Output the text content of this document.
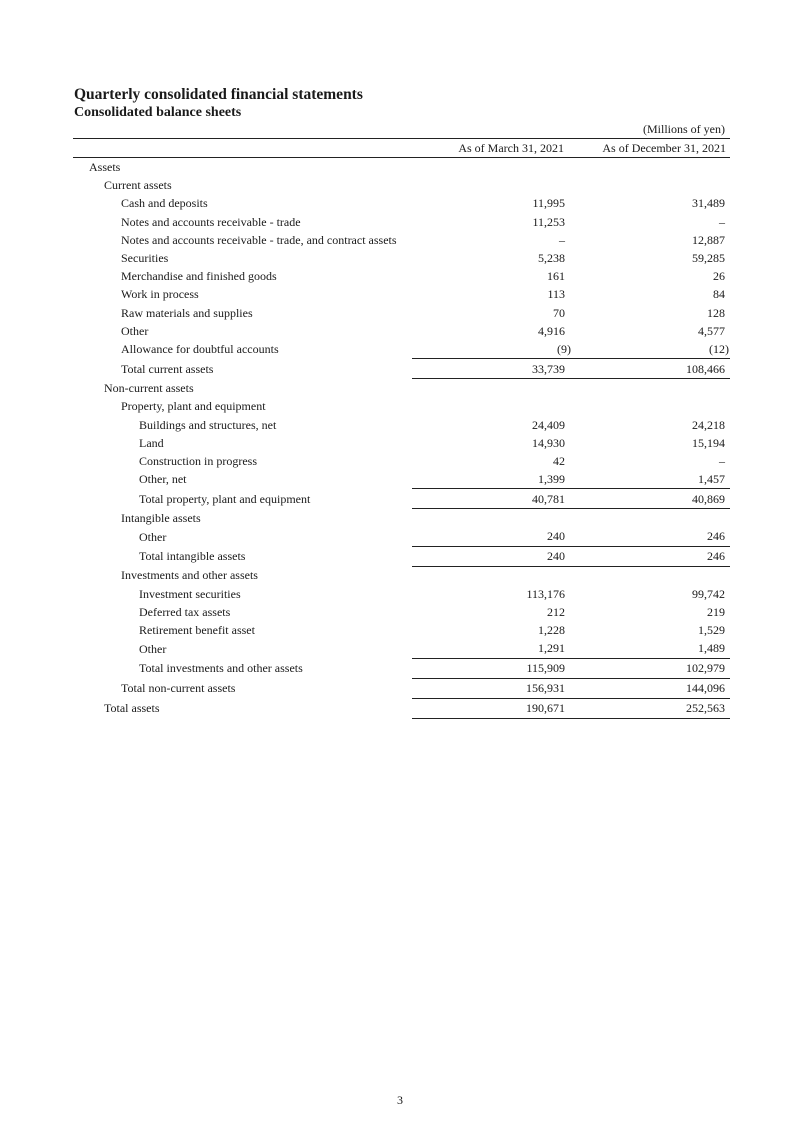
Quarterly consolidated financial statements
Consolidated balance sheets
(Millions of yen)
	As of March 31, 2021	As of December 31, 2021
Assets		
Current assets		
Cash and deposits	11,995	31,489
Notes and accounts receivable - trade	11,253	–
Notes and accounts receivable - trade, and contract assets	–	12,887
Securities	5,238	59,285
Merchandise and finished goods	161	26
Work in process	113	84
Raw materials and supplies	70	128
Other	4,916	4,577
Allowance for doubtful accounts	(9)	(12)
Total current assets	33,739	108,466
Non-current assets		
Property, plant and equipment		
Buildings and structures, net	24,409	24,218
Land	14,930	15,194
Construction in progress	42	–
Other, net	1,399	1,457
Total property, plant and equipment	40,781	40,869
Intangible assets		
Other	240	246
Total intangible assets	240	246
Investments and other assets		
Investment securities	113,176	99,742
Deferred tax assets	212	219
Retirement benefit asset	1,228	1,529
Other	1,291	1,489
Total investments and other assets	115,909	102,979
Total non-current assets	156,931	144,096
Total assets	190,671	252,563
3
